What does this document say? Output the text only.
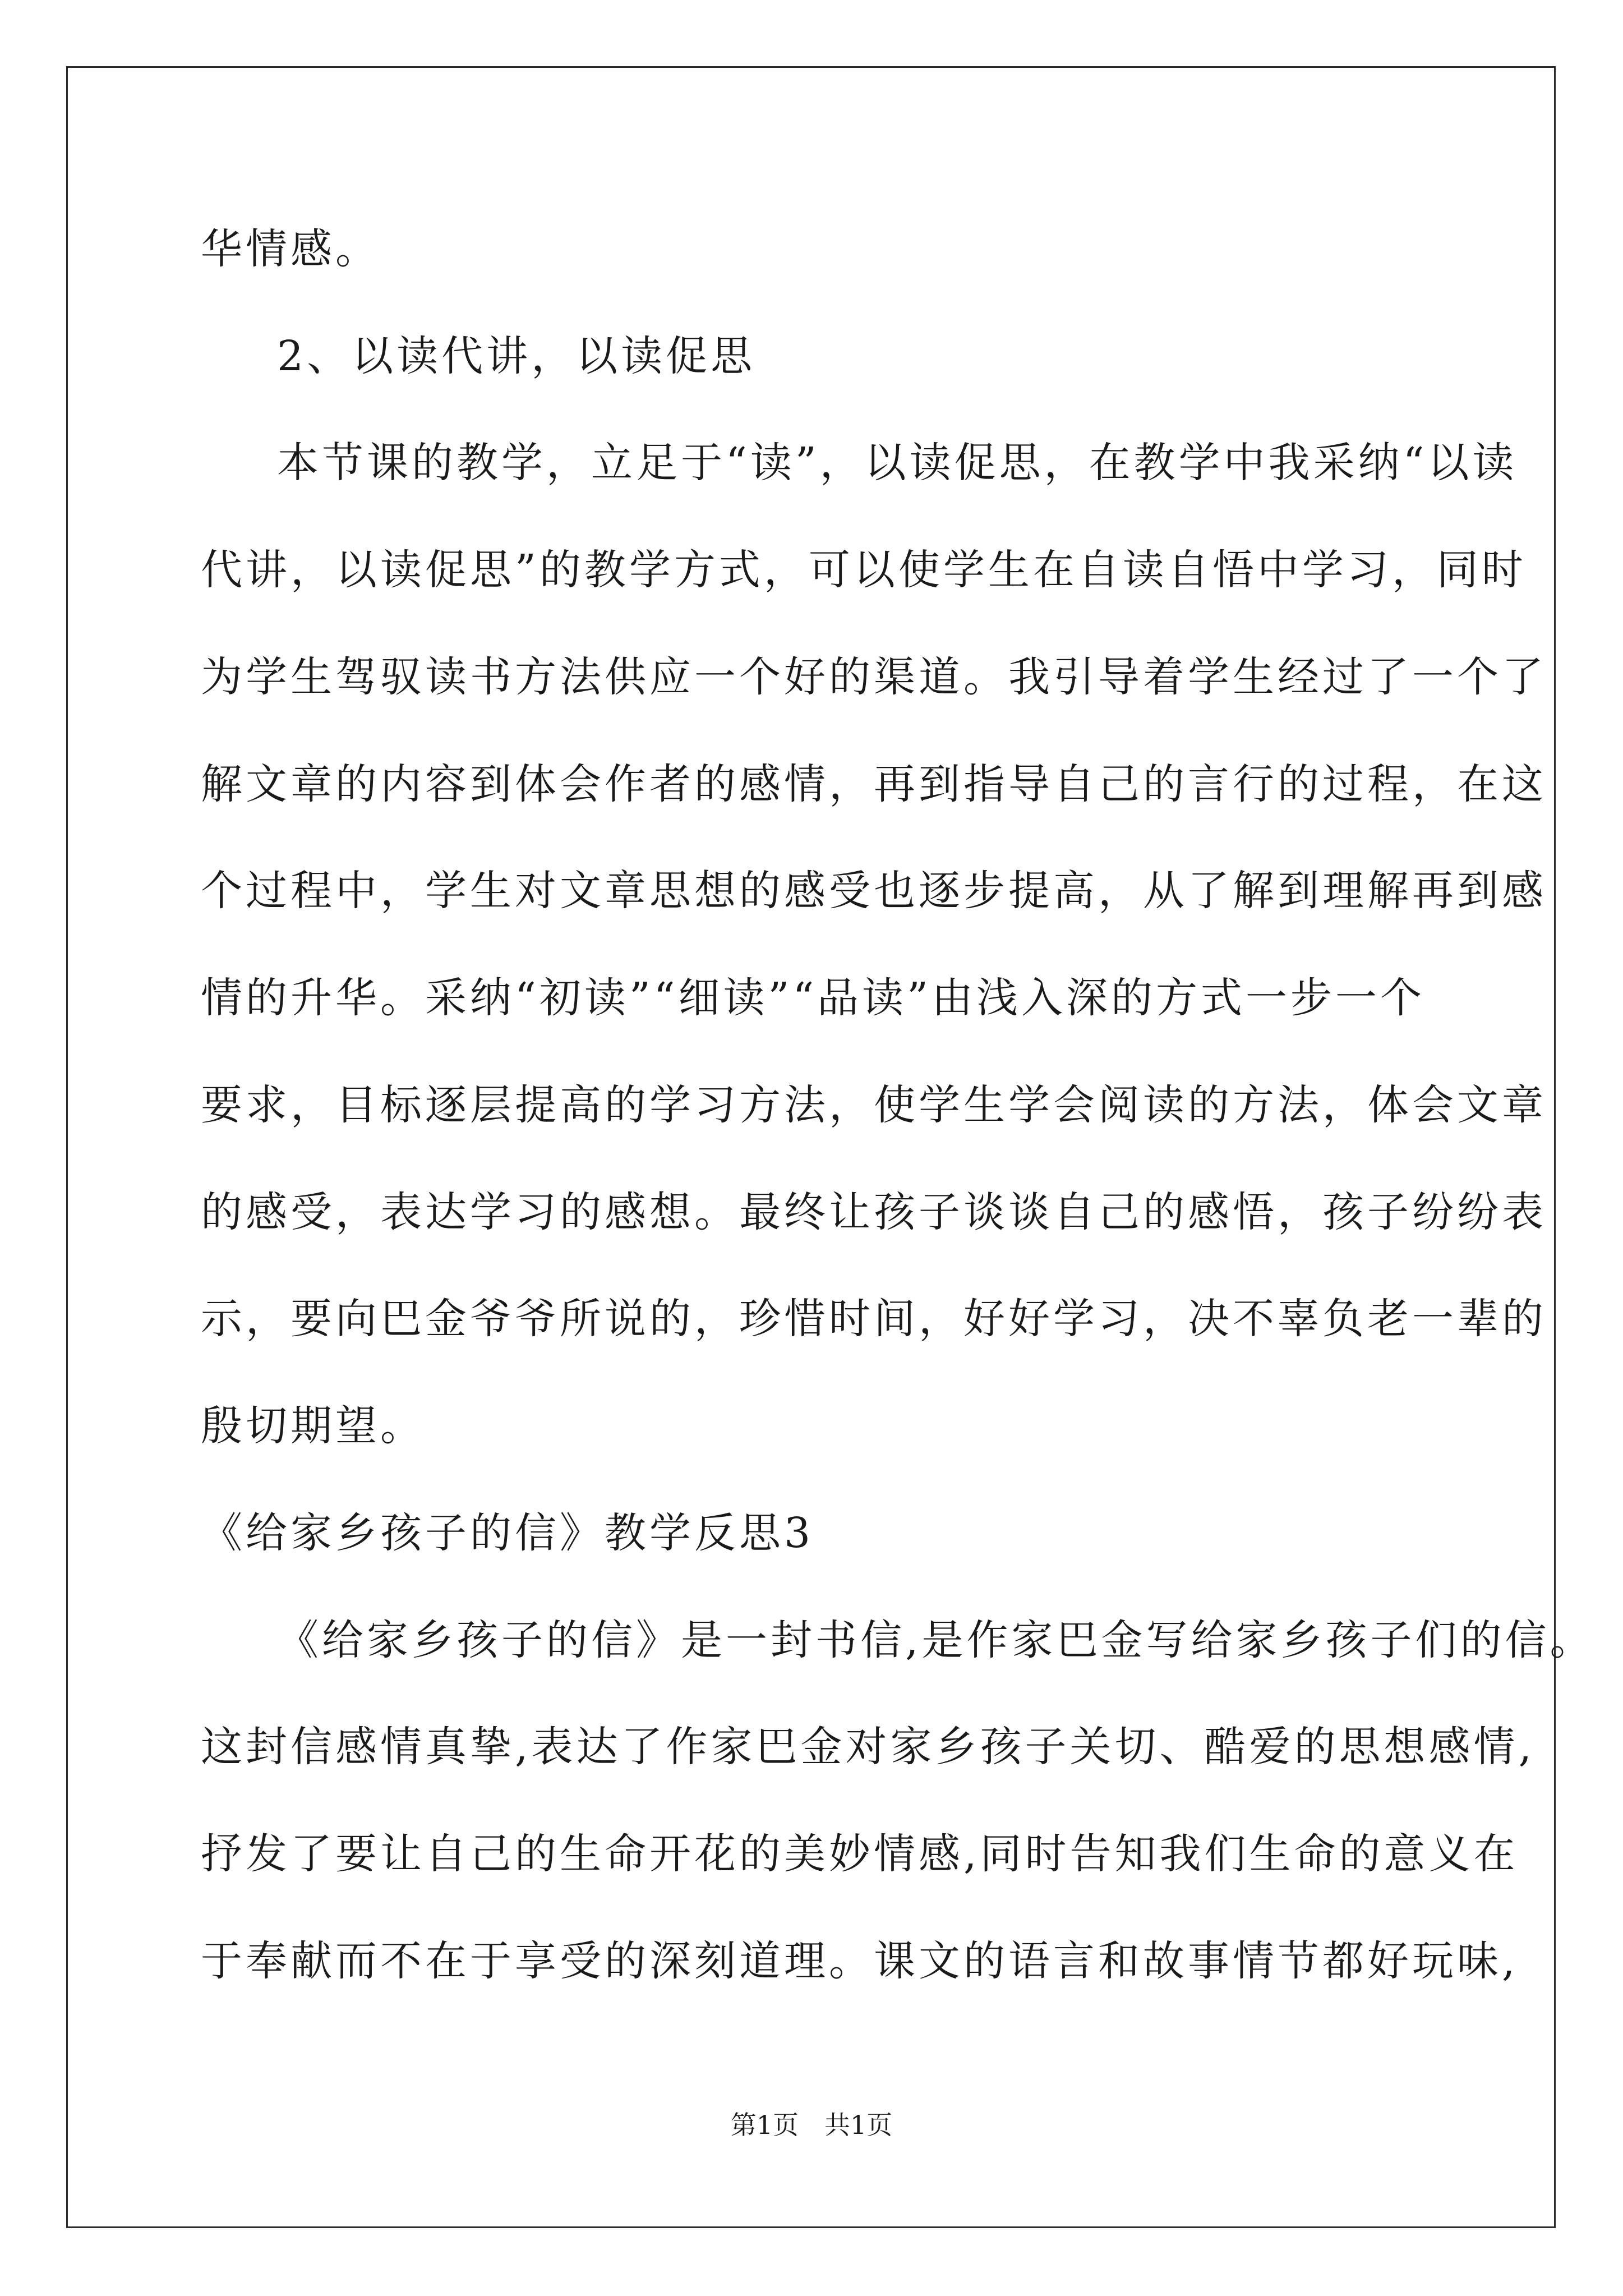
华情感。
2、以读代讲，以读促思
本节课的教学，立足于“读”，以读促思，在教学中我采纳“以读
代讲，以读促思”的教学方式，可以使学生在自读自悟中学习，同时
为学生驾驭读书方法供应一个好的渠道。我引导着学生经过了一个了
解文章的内容到体会作者的感情，再到指导自己的言行的过程，在这
个过程中，学生对文章思想的感受也逐步提高，从了解到理解再到感
情的升华。采纳“初读”“细读”“品读”由浅入深的方式一步一个
要求，目标逐层提高的学习方法，使学生学会阅读的方法，体会文章
的感受，表达学习的感想。最终让孩子谈谈自己的感悟，孩子纷纷表
示，要向巴金爷爷所说的，珍惜时间，好好学习，决不辜负老一辈的
殷切期望。
《给家乡孩子的信》教学反思3
《给家乡孩子的信》是一封书信,是作家巴金写给家乡孩子们的信。
这封信感情真挚,表达了作家巴金对家乡孩子关切、酷爱的思想感情,
抒发了要让自己的生命开花的美妙情感,同时告知我们生命的意义在
于奉献而不在于享受的深刻道理。课文的语言和故事情节都好玩味,
第1页　共1页
